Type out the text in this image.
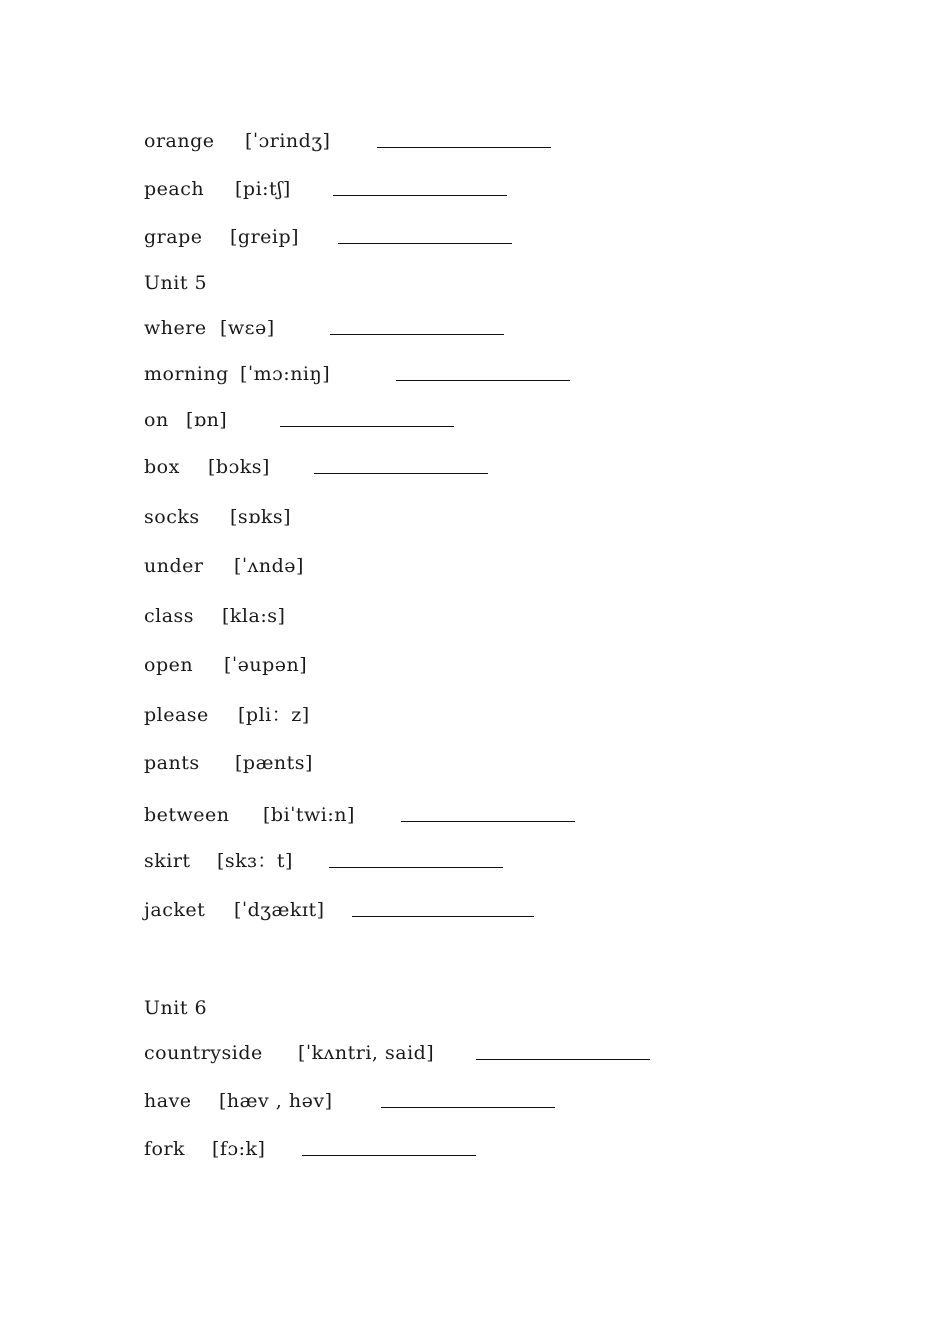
orange [ˈɔrindʒ]
peach [pi:tʃ]
grape [greip]
Unit 5
where [wεə]
morning [ˈmɔ:niŋ]
on [ɒn]
box [bɔks]
socks [sɒks]
under [ˈʌndə]
class [kla:s]
open [ˈəupən]
please [pli：z]
pants [pænts]
between [biˈtwi:n]
skirt [skɜ：t]
jacket [ˈdʒækɪt]
Unit 6
countryside [ˈkʌntri, said]
have [hæv , həv]
fork [fɔ:k]
